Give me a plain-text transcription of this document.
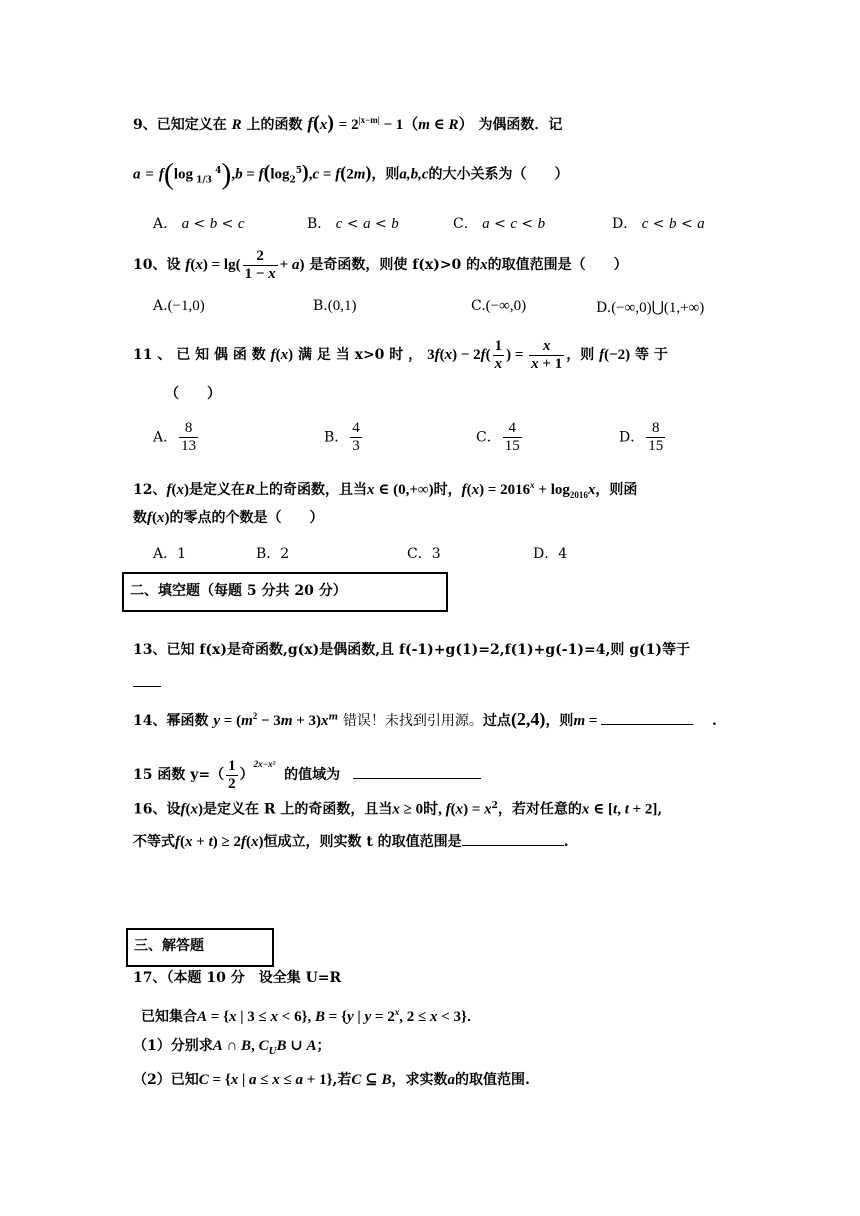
9、已知定义在 R 上的函数 $f(x) = 2^{|x-m|} - 1(m$ ∈ R） 为偶函数．记
a = f(log $_{1/3}$ $^4),b = f(\log_2^5),c = f(2m)$，则a,b,c的大小关系为（　　）
A． a < b < c	B． c < a < b	C． a < c < b	D． c < b < a
10、设 $f(x) = \lg( \frac{2}{1 - x} + a)$ 是奇函数，则使 f(x)>0 的x的取值范围是（　　）
A.(−1,0)	B.(0,1)	C.(−∞,0)	D.(−∞,0)⋃(1,+∞)
11 、 已 知 偶 函 数 f(x) 满 足 当 x>0 时 ， $3f(x) - 2f( \frac{1}{x}$ ) = $\frac{x}{x + 1}$ ，则 f(−2) 等 于
（　　）
A． $\frac{8}{13}$	B． $\frac{4}{3}$	C． $\frac{4}{15}$	D． $\frac{8}{15}$
12、f(x)是定义在R上的奇函数，且当x ∈ (0,+∞)时，$f(x) = 2016^x + \log_{2016}x$，则函
数f(x)的零点的个数是（　　）
A．1	B．2	C．3	D．4
二、填空题（每题 5 分共 20 分）
13、已知 f(x)是奇函数,g(x)是偶函数,且 f(-1)+g(1)=2,f(1)+g(-1)=4,则 g(1)等于
14、幂函数 $y = (m^2 - 3m + 3)x^m$ 错误！未找到引用源。过点(2,4)，则m =	.
15 函数 $y=( \frac{1}{2} )^{2x-x^2}$ 的值域为
16、设f(x)是定义在 R 上的奇函数，且当x ≥ 0时, $f(x) = x^2$，若对任意的x ∈ [t, t + 2],
不等式f(x + t) ≥ 2f(x)恒成立，则实数 t 的取值范围是	.
三、解答题
17、（本题 10 分　设全集 U=R
已知集合A = {x | 3 ≤ x < 6}, B = {y | $y = 2^x$, 2 ≤ x < 3}．
（1）分别求A ∩ B, $C_UB$ ∪ A；
（2）已知C = {x | a ≤ x ≤ a + 1},若C ⊆ B，求实数a的取值范围.
